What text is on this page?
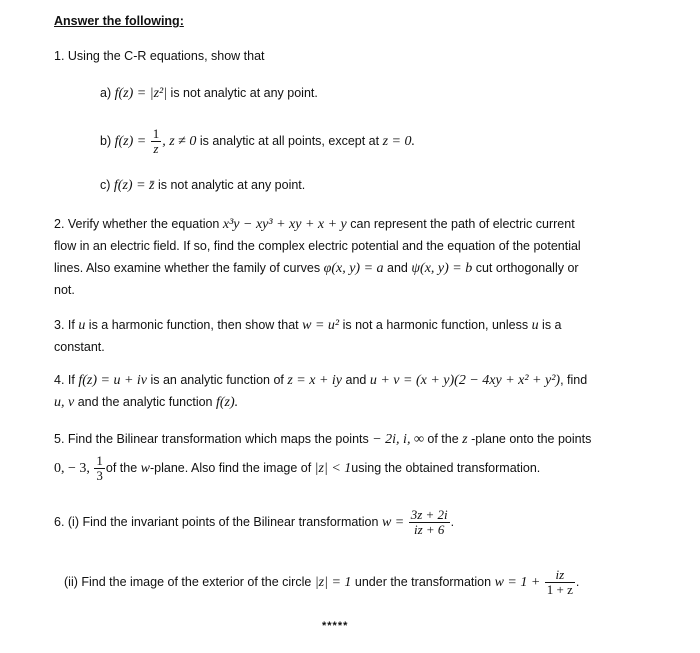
Answer the following:
1. Using the C-R equations, show that
a) f(z) = |z²| is not analytic at any point.
b) $f(z) = \frac{1}{z}$ , z ≠ 0 is analytic at all points, except at z = 0.
c) f(z) = z̄ is not analytic at any point.
2. Verify whether the equation x³y − xy³ + xy + x + y can represent the path of electric current
flow in an electric field. If so, find the complex electric potential and the equation of the potential
lines. Also examine whether the family of curves φ(x, y) = a and ψ(x, y) = b cut orthogonally or
not.
3. If u is a harmonic function, then show that w = u² is not a harmonic function, unless u is a
constant.
4. If f(z) = u + iv is an analytic function of z = x + iy and u + v = (x + y)(2 − 4xy + x² + y²), find
u, v and the analytic function f(z).
5. Find the Bilinear transformation which maps the points − 2i, i, ∞ of the z -plane onto the points
0, − 3, $\frac{1}{3}$ of the w-plane. Also find the image of |z| < 1using the obtained transformation.
6. (i) Find the invariant points of the Bilinear transformation $w = \frac{3z + 2i}{iz + 6}$ .
(ii) Find the image of the exterior of the circle |z| = 1 under the transformation $w = 1 + \frac{iz}{1 + z}$ .
*****
